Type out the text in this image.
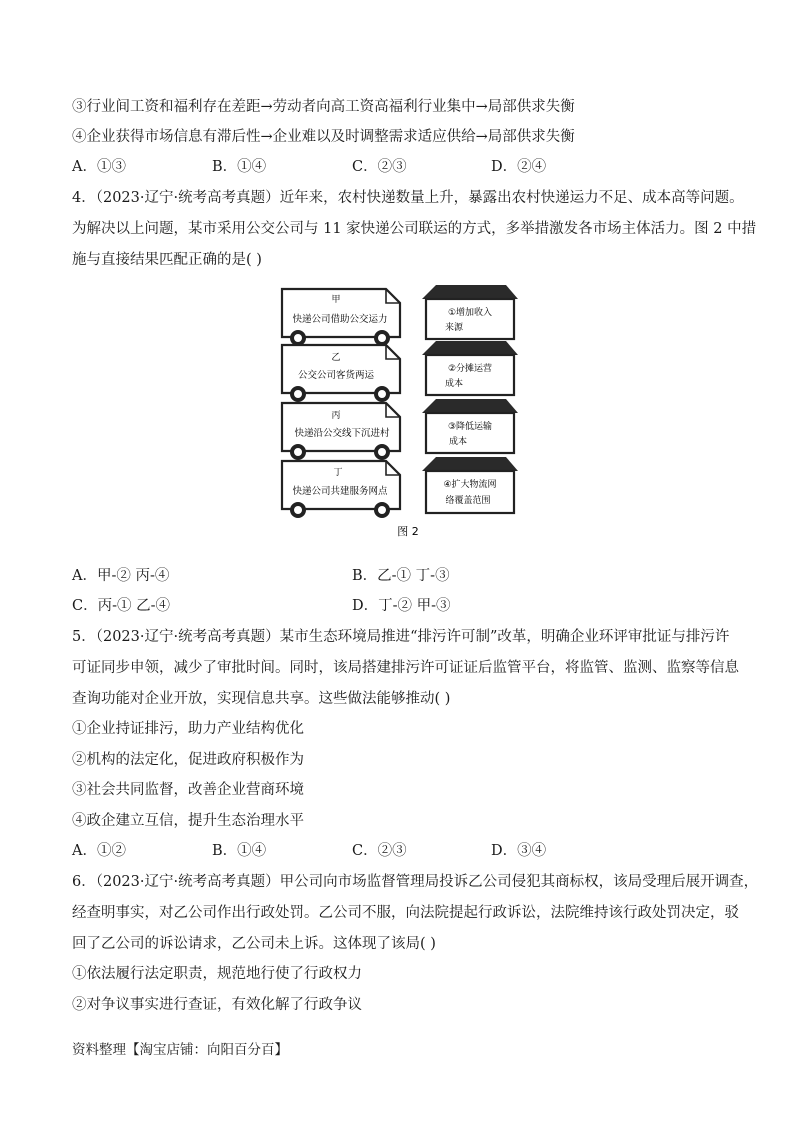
③行业间工资和福利存在差距→劳动者向高工资高福利行业集中→局部供求失衡
④企业获得市场信息有滞后性→企业难以及时调整需求适应供给→局部供求失衡
A．①③	B．①④	C．②③	D．②④
4．（2023·辽宁·统考高考真题）近年来，农村快递数量上升，暴露出农村快递运力不足、成本高等问题。
为解决以上问题，某市采用公交公司与 11 家快递公司联运的方式，多举措激发各市场主体活力。图 2 中措
施与直接结果匹配正确的是( )
甲
快递公司借助公交运力
乙
公交公司客货两运
丙
快递沿公交线下沉进村
丁
快递公司共建服务网点
①增加收入
来源
②分摊运营
成本
③降低运输
成本
④扩大物流网
络覆盖范围
图 2
A．甲-② 丙-④	B．乙-① 丁-③
C．丙-① 乙-④	D．丁-② 甲-③
5．（2023·辽宁·统考高考真题）某市生态环境局推进“排污许可制”改革，明确企业环评审批证与排污许
可证同步申领，减少了审批时间。同时，该局搭建排污许可证证后监管平台，将监管、监测、监察等信息
查询功能对企业开放，实现信息共享。这些做法能够推动( )
①企业持证排污，助力产业结构优化
②机构的法定化，促进政府积极作为
③社会共同监督，改善企业营商环境
④政企建立互信，提升生态治理水平
A．①②	B．①④	C．②③	D．③④
6．（2023·辽宁·统考高考真题）甲公司向市场监督管理局投诉乙公司侵犯其商标权，该局受理后展开调查，
经查明事实，对乙公司作出行政处罚。乙公司不服，向法院提起行政诉讼，法院维持该行政处罚决定，驳
回了乙公司的诉讼请求，乙公司未上诉。这体现了该局( )
①依法履行法定职责，规范地行使了行政权力
②对争议事实进行查证，有效化解了行政争议
资料整理【淘宝店铺：向阳百分百】
